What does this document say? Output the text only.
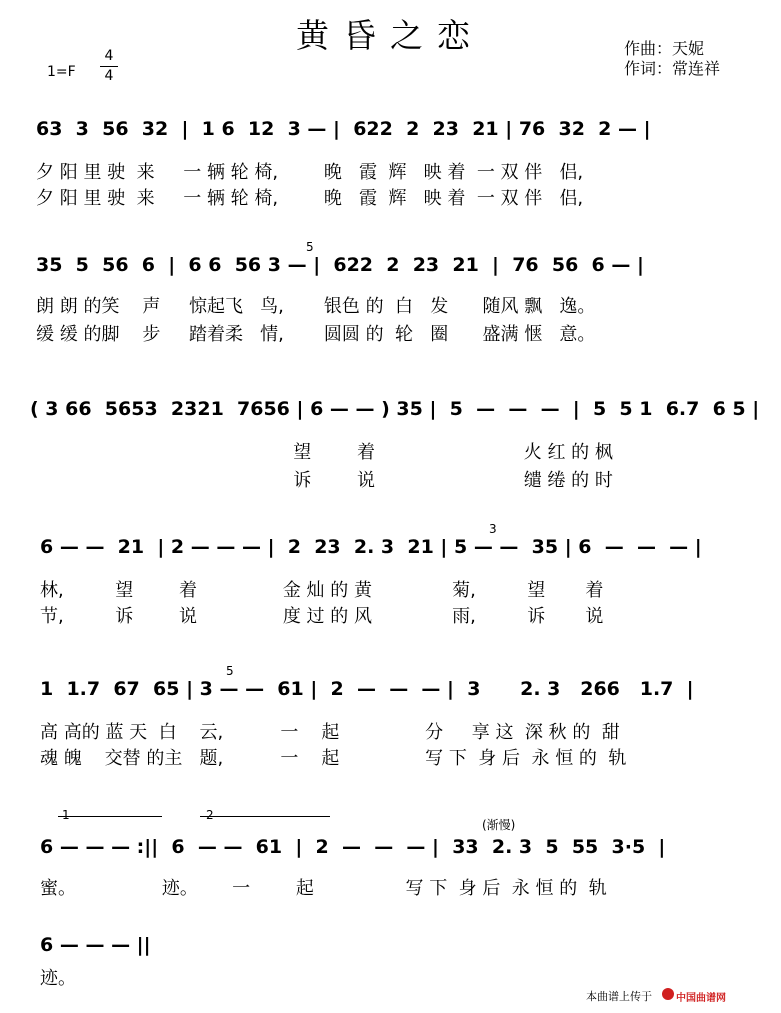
黄昏之恋	作曲：天妮
作词：常连祥
1=F
4
4
63  3  56  32  |  1 6  12  3 — |  622  2  23  21 | 76  32  2 — |
夕 阳 里 驶  来     一 辆 轮 椅,        晚   霞  辉   映 着  一 双 伴   侣,
夕 阳 里 驶  来     一 辆 轮 椅,        晚   霞  辉   映 着  一 双 伴   侣,
5
35  5  56  6  |  6 6  56 3 — |  622  2  23  21  |  76  56  6 — |
朗 朗 的笑    声     惊起飞   鸟,       银色 的  白   发      随风 飘   逸。
缓 缓 的脚    步     踏着柔   情,       圆圆 的  轮   圈      盛满 惬   意。
( 3 66  5653  2321  7656 | 6 — — ) 35 |  5  —  —  —  |  5  5 1  6.7  6 5 |
望        着                          火 红 的 枫
诉        说                          缱 绻 的 时
3
6 — —  21  | 2 — — — |  2  23  2. 3  21 | 5 — —  35 | 6  —  —  — |
林,         望        着               金 灿 的 黄              菊,         望       着
节,         诉        说               度 过 的 风              雨,         诉       说
5
1  1.7  67  65 | 3 — —  61 |  2  —  —  — |  3      2. 3   266   1.7  |
高 高的 蓝 天  白    云,          一    起               分     享 这  深 秋 的  甜
魂 魄    交替 的主   题,          一    起               写 下  身 后  永 恒 的  轨
1	2
(渐慢)
6 — — — :||  6  — —  61  |  2  —  —  — |  33  2. 3  5  55  3·5  |
蜜。               迹。      一        起                写 下  身 后  永 恒 的  轨
6 — — — ||
迹。
本曲谱上传于 中国曲谱网
